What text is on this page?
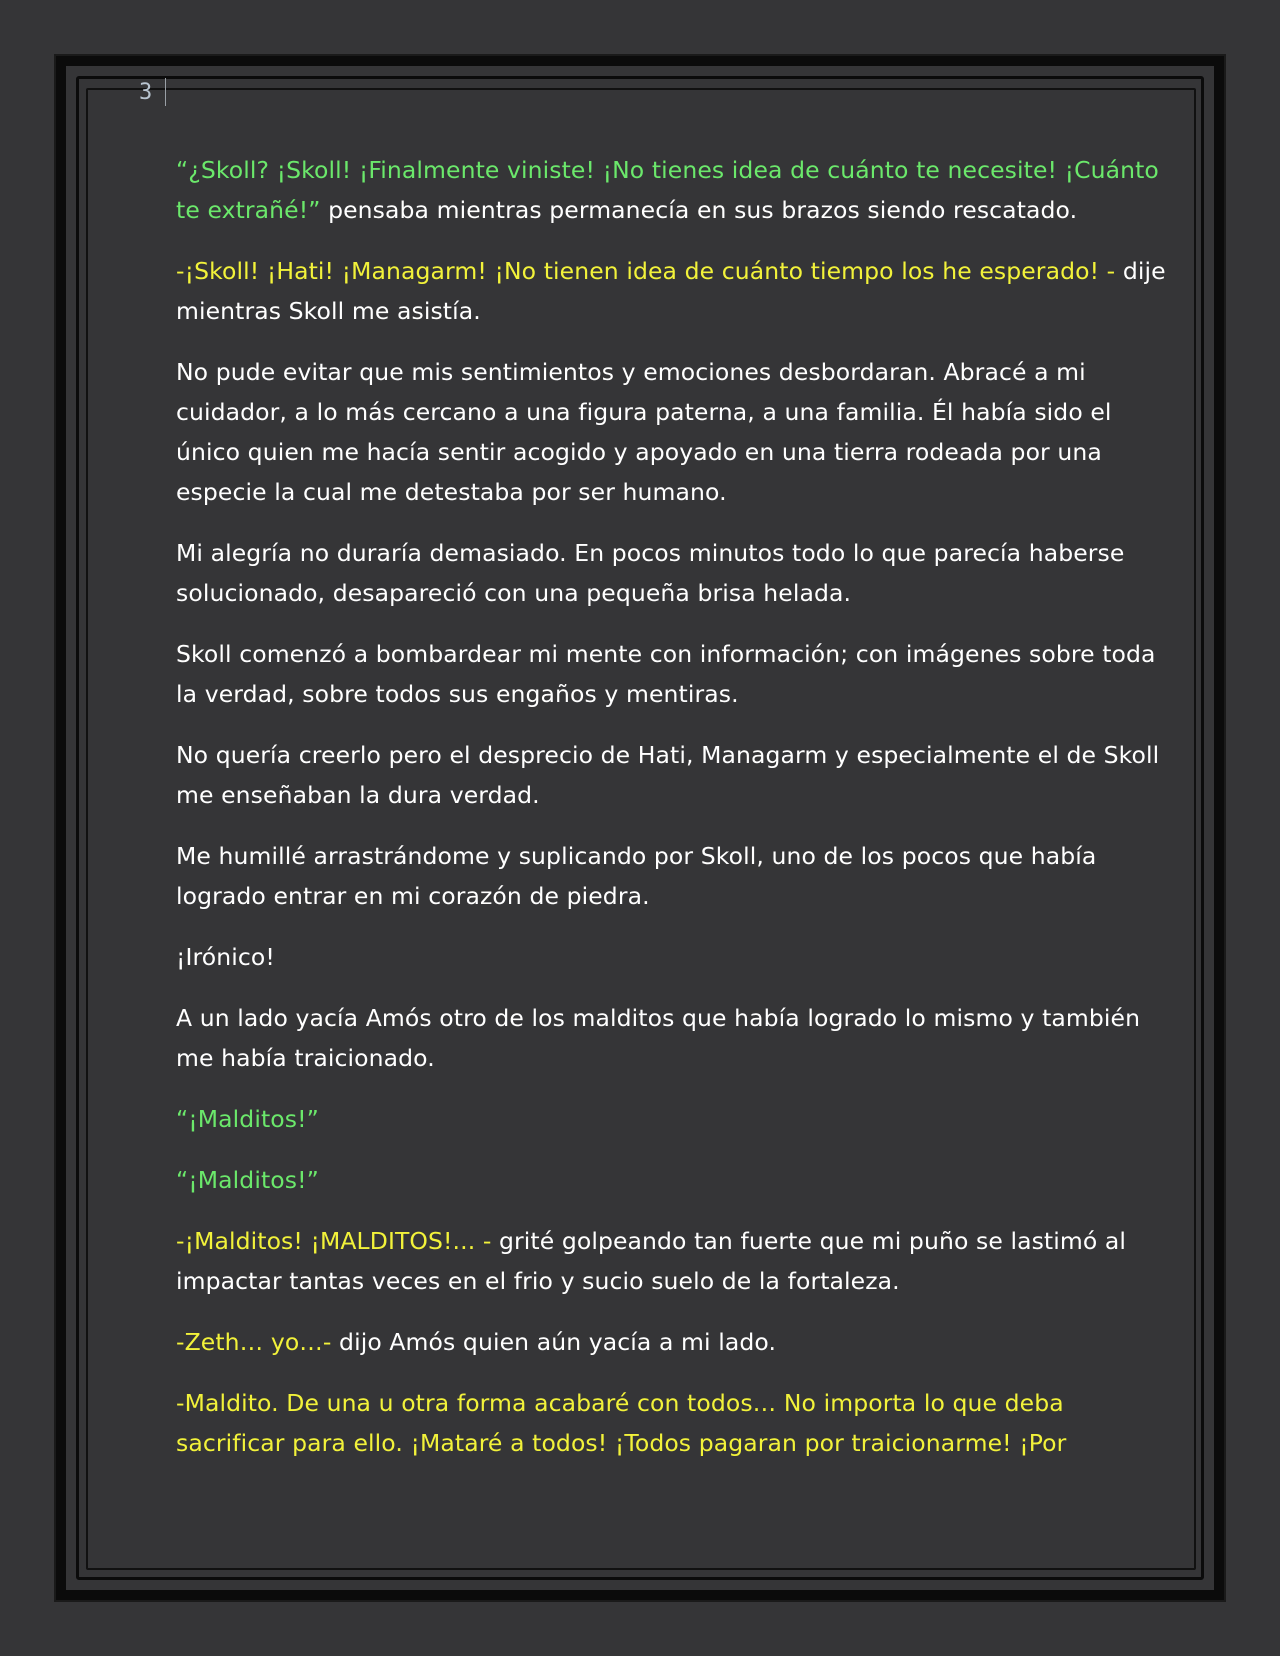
3

“¿Skoll? ¡Skoll! ¡Finalmente viniste! ¡No tienes idea de cuánto te necesite! ¡Cuánto te extrañé!” pensaba mientras permanecía en sus brazos siendo rescatado.

-¡Skoll! ¡Hati! ¡Managarm! ¡No tienen idea de cuánto tiempo los he esperado! - dije mientras Skoll me asistía.

No pude evitar que mis sentimientos y emociones desbordaran. Abracé a mi cuidador, a lo más cercano a una figura paterna, a una familia. Él había sido el único quien me hacía sentir acogido y apoyado en una tierra rodeada por una especie la cual me detestaba por ser humano.

Mi alegría no duraría demasiado. En pocos minutos todo lo que parecía haberse solucionado, desapareció con una pequeña brisa helada.

Skoll comenzó a bombardear mi mente con información; con imágenes sobre toda la verdad, sobre todos sus engaños y mentiras.

No quería creerlo pero el desprecio de Hati, Managarm y especialmente el de Skoll me enseñaban la dura verdad.

Me humillé arrastrándome y suplicando por Skoll, uno de los pocos que había logrado entrar en mi corazón de piedra.

¡Irónico!

A un lado yacía Amós otro de los malditos que había logrado lo mismo y también me había traicionado.

“¡Malditos!”

“¡Malditos!”

-¡Malditos! ¡MALDITOS!... - grité golpeando tan fuerte que mi puño se lastimó al impactar tantas veces en el frio y sucio suelo de la fortaleza.

-Zeth… yo…- dijo Amós quien aún yacía a mi lado.

-Maldito. De una u otra forma acabaré con todos… No importa lo que deba sacrificar para ello. ¡Mataré a todos! ¡Todos pagaran por traicionarme! ¡Por
